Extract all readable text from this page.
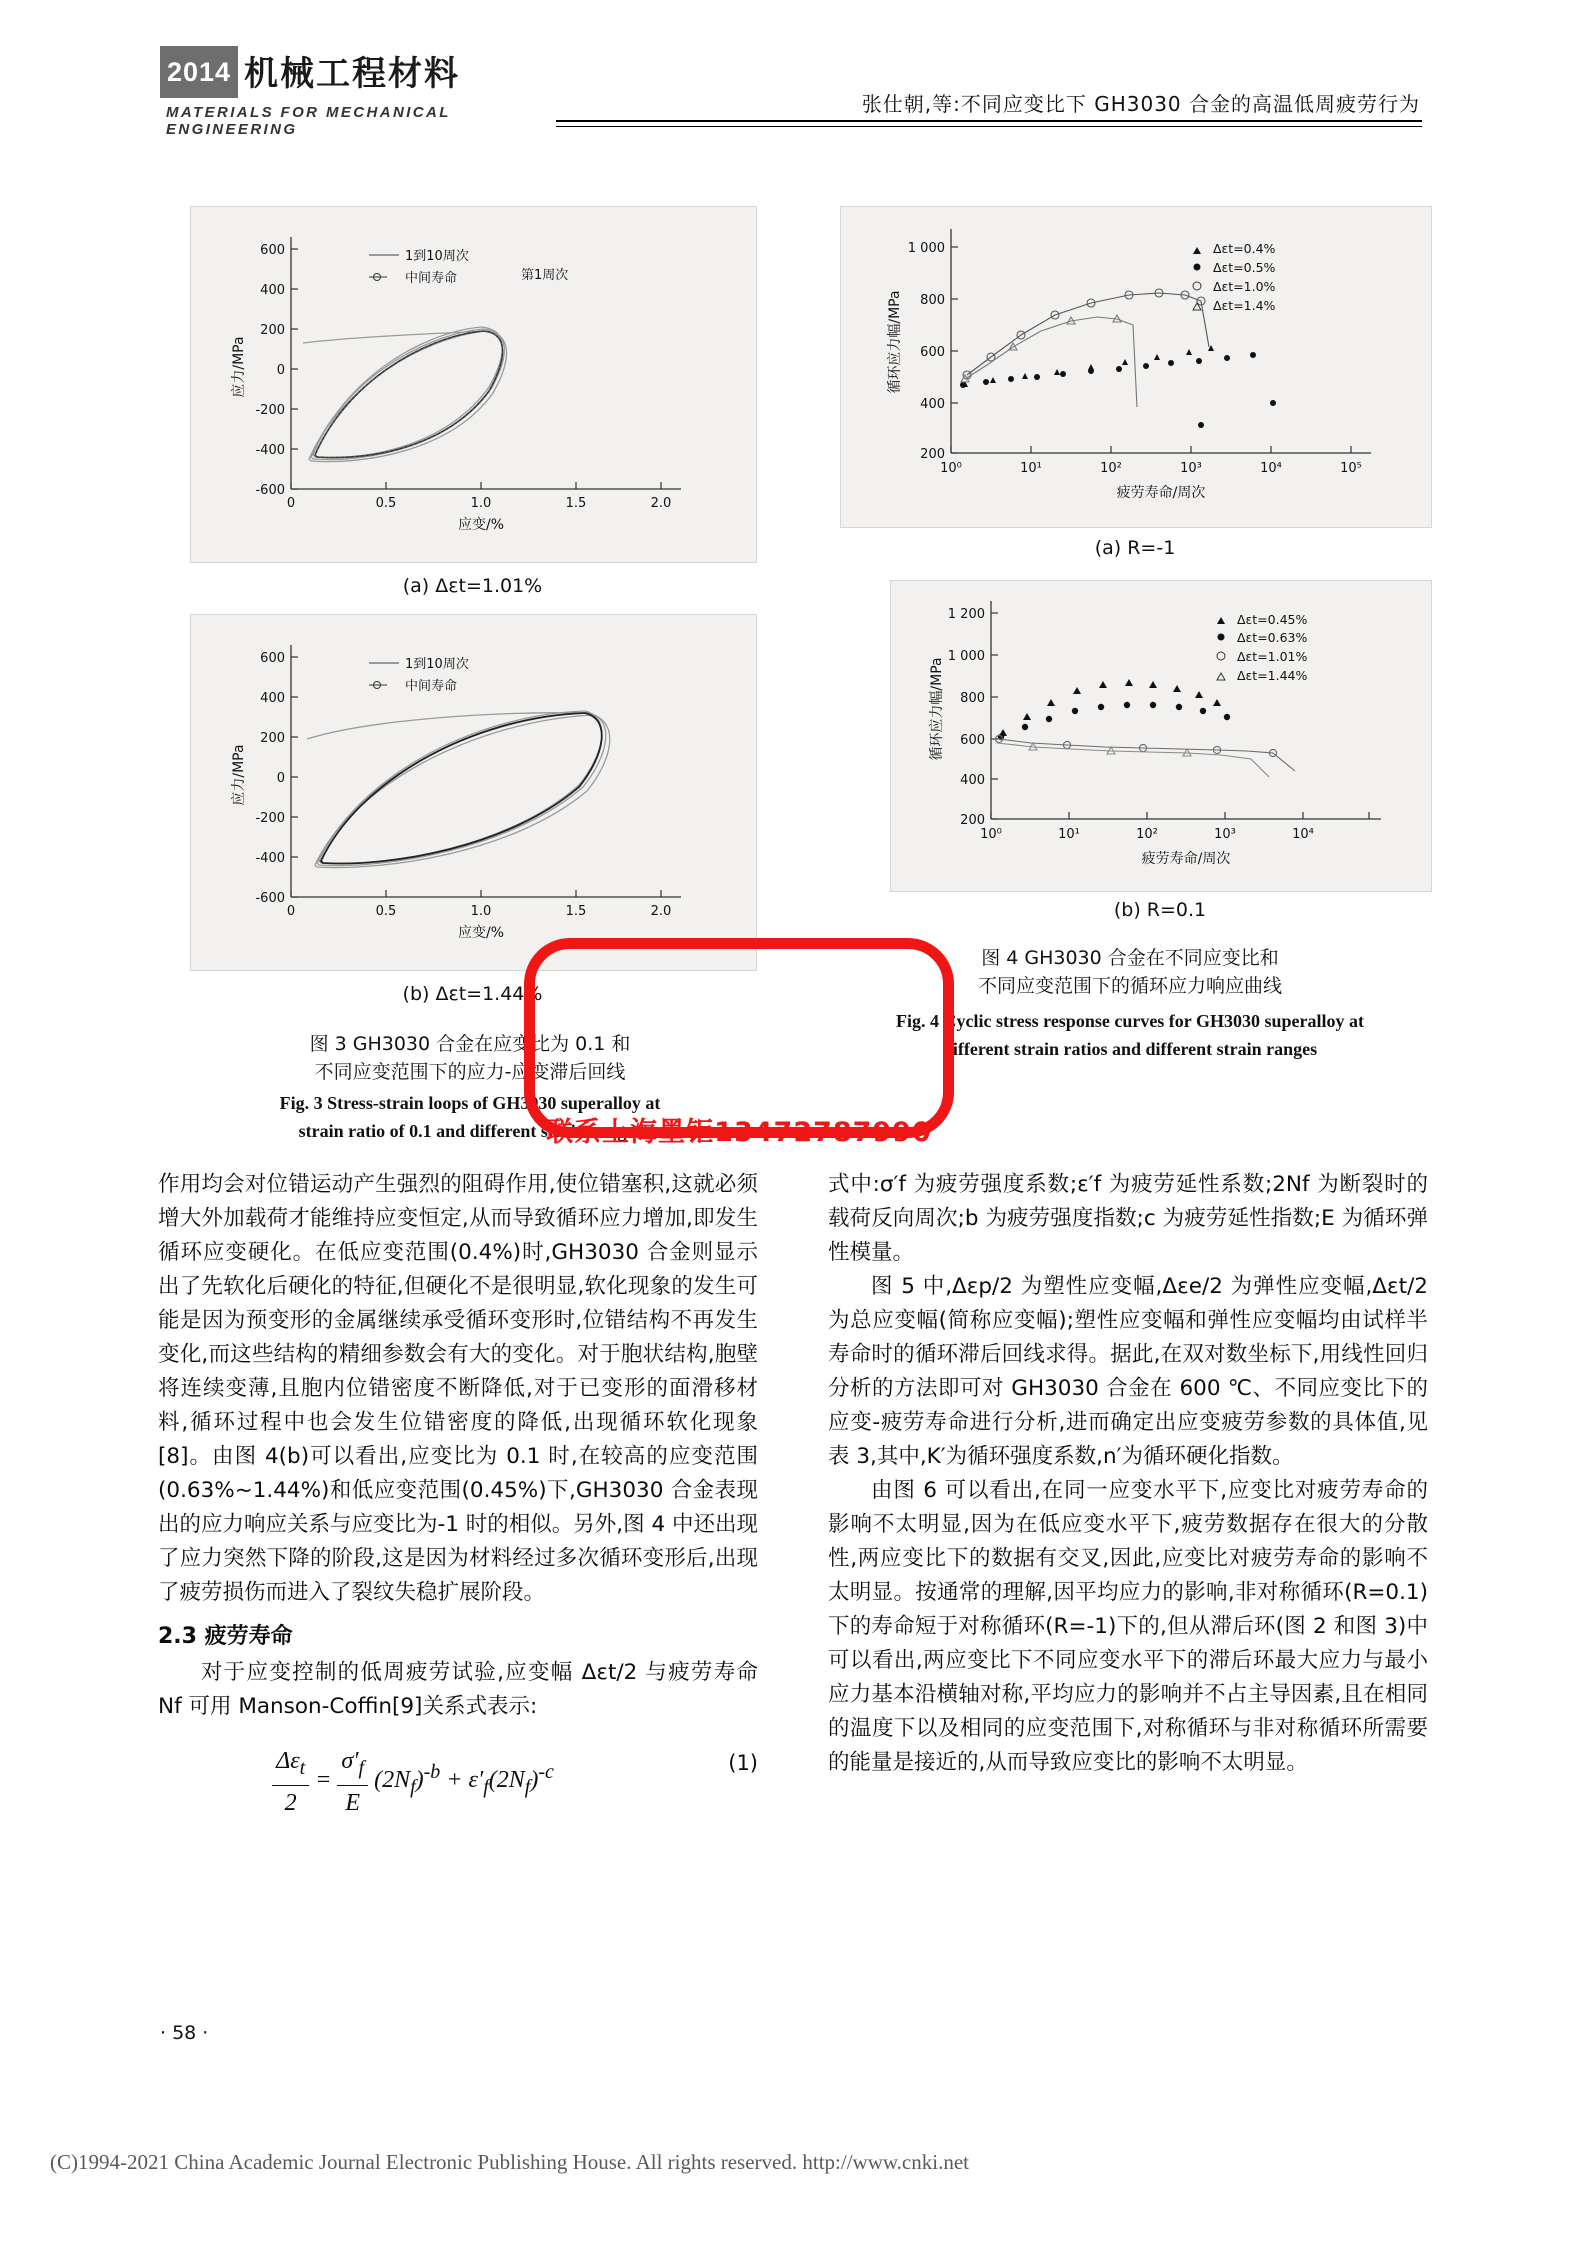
2014 机械工程材料
MATERIALS FOR MECHANICAL ENGINEERING
张仕朝,等:不同应变比下 GH3030 合金的高温低周疲劳行为
600
400
200
0
-200
-400
-600
0	0.5	1.0	1.5	2.0
应变/%
应力/MPa
1到10周次
中间寿命	第1周次
(a) Δεt=1.01%
600
400
200
0
-200
-400
-600
0	0.5	1.0	1.5	2.0
应变/%
应力/MPa
1到10周次
中间寿命
(b) Δεt=1.44%
图 3 GH3030 合金在应变比为 0.1 和
不同应变范围下的应力-应变滞后回线
Fig. 3 Stress-strain loops of GH3030 superalloy at
strain ratio of 0.1 and different strain ranges
1 000
800
600
400
200
10⁰	10¹	10²	10³	10⁴	10⁵
疲劳寿命/周次
循环应力幅/MPa
Δεt=0.4%
Δεt=0.5%
Δεt=1.0%
Δεt=1.4%
(a) R=-1
1 200
1 000
800
600
400
200
10⁰	10¹	10²	10³	10⁴
疲劳寿命/周次
循环应力幅/MPa
Δεt=0.45%
Δεt=0.63%
Δεt=1.01%
Δεt=1.44%
(b) R=0.1
图 4 GH3030 合金在不同应变比和
不同应变范围下的循环应力响应曲线
Fig. 4 Cyclic stress response curves for GH3030 superalloy at
different strain ratios and different strain ranges

作用均会对位错运动产生强烈的阻碍作用,使位错塞积,这就必须增大外加载荷才能维持应变恒定,从而导致循环应力增加,即发生循环应变硬化。在低应变范围(0.4%)时,GH3030 合金则显示出了先软化后硬化的特征,但硬化不是很明显,软化现象的发生可能是因为预变形的金属继续承受循环变形时,位错结构不再发生变化,而这些结构的精细参数会有大的变化。对于胞状结构,胞壁将连续变薄,且胞内位错密度不断降低,对于已变形的面滑移材料,循环过程中也会发生位错密度的降低,出现循环软化现象[8]。由图 4(b)可以看出,应变比为 0.1 时,在较高的应变范围(0.63%~1.44%)和低应变范围(0.45%)下,GH3030 合金表现出的应力响应关系与应变比为-1 时的相似。另外,图 4 中还出现了应力突然下降的阶段,这是因为材料经过多次循环变形后,出现了疲劳损伤而进入了裂纹失稳扩展阶段。

2.3 疲劳寿命

对于应变控制的低周疲劳试验,应变幅 Δεt/2 与疲劳寿命 Nf 可用 Manson-Coffin[9]关系式表示:

$\Delta\varepsilon_t$
2
= $\frac{\sigma'_f}{E} (2N_f)^{-b} + \varepsilon'_f(2N_f)^{-c}$	(1)

式中:σ′f 为疲劳强度系数;ε′f 为疲劳延性系数;2Nf 为断裂时的载荷反向周次;b 为疲劳强度指数;c 为疲劳延性指数;E 为循环弹性模量。

图 5 中,Δεp/2 为塑性应变幅,Δεe/2 为弹性应变幅,Δεt/2 为总应变幅(简称应变幅);塑性应变幅和弹性应变幅均由试样半寿命时的循环滞后回线求得。据此,在双对数坐标下,用线性回归分析的方法即可对 GH3030 合金在 600 ℃、不同应变比下的应变-疲劳寿命进行分析,进而确定出应变疲劳参数的具体值,见表 3,其中,K′为循环强度系数,n′为循环硬化指数。

由图 6 可以看出,在同一应变水平下,应变比对疲劳寿命的影响不太明显,因为在低应变水平下,疲劳数据存在很大的分散性,两应变比下的数据有交叉,因此,应变比对疲劳寿命的影响不太明显。按通常的理解,因平均应力的影响,非对称循环(R=0.1)下的寿命短于对称循环(R=-1)下的,但从滞后环(图 2 和图 3)中可以看出,两应变比下不同应变水平下的滞后环最大应力与最小应力基本沿横轴对称,平均应力的影响并不占主导因素,且在相同的温度下以及相同的应变范围下,对称循环与非对称循环所需要的能量是接近的,从而导致应变比的影响不太明显。

联系上海墨钜13472787990
· 58 ·
(C)1994-2021 China Academic Journal Electronic Publishing House. All rights reserved. http://www.cnki.net
